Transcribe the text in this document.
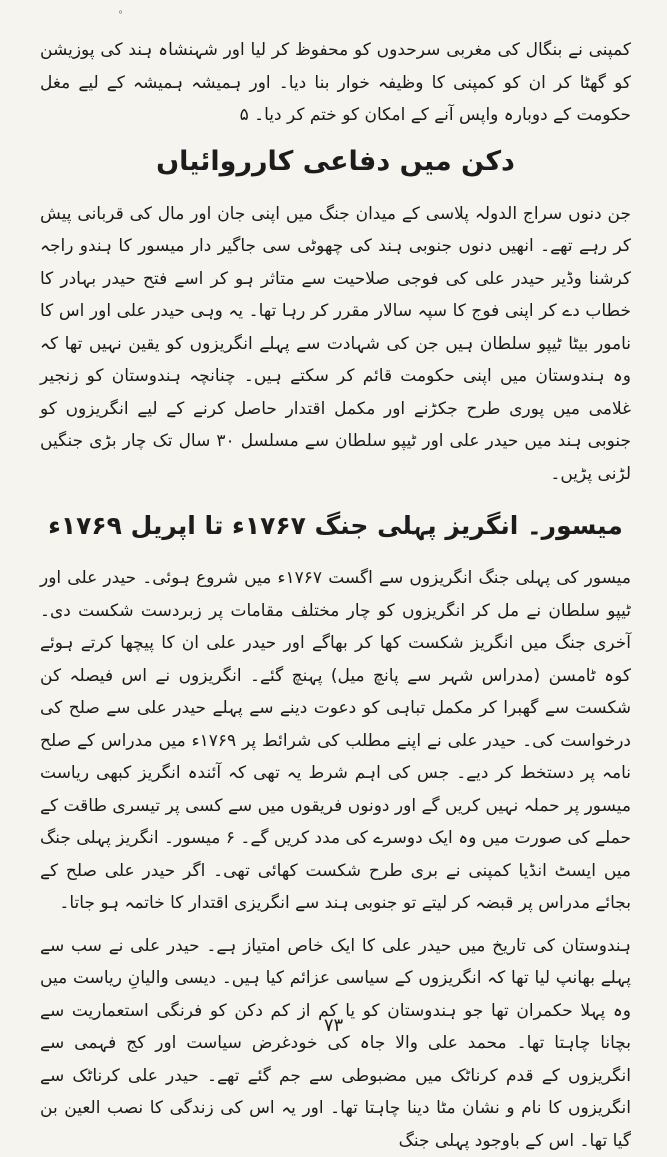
°

کمپنی نے بنگال کی مغربی سرحدوں کو محفوظ کر لیا اور شہنشاہ ہند کی پوزیشن کو گھٹا کر ان کو کمپنی کا وظیفہ خوار بنا دیا۔ اور ہمیشہ ہمیشہ کے لیے مغل حکومت کے دوبارہ واپس آنے کے امکان کو ختم کر دیا۔ ۵

دکن میں دفاعی کارروائیاں

جن دنوں سراج الدولہ پلاسی کے میدان جنگ میں اپنی جان اور مال کی قربانی پیش کر رہے تھے۔ انھیں دنوں جنوبی ہند کی چھوٹی سی جاگیر دار میسور کا ہندو راجہ کرشنا وڈیر حیدر علی کی فوجی صلاحیت سے متاثر ہو کر اسے فتح حیدر بہادر کا خطاب دے کر اپنی فوج کا سپہ سالار مقرر کر رہا تھا۔ یہ وہی حیدر علی اور اس کا نامور بیٹا ٹیپو سلطان ہیں جن کی شہادت سے پہلے انگریزوں کو یقین نہیں تھا کہ وہ ہندوستان میں اپنی حکومت قائم کر سکتے ہیں۔ چنانچہ ہندوستان کو زنجیر غلامی میں پوری طرح جکڑنے اور مکمل اقتدار حاصل کرنے کے لیے انگریزوں کو جنوبی ہند میں حیدر علی اور ٹیپو سلطان سے مسلسل ۳۰ سال تک چار بڑی جنگیں لڑنی پڑیں۔

میسور۔ انگریز پہلی جنگ ۱۷۶۷ء تا اپریل ۱۷۶۹ء

میسور کی پہلی جنگ انگریزوں سے اگست ۱۷۶۷ء میں شروع ہوئی۔ حیدر علی اور ٹیپو سلطان نے مل کر انگریزوں کو چار مختلف مقامات پر زبردست شکست دی۔ آخری جنگ میں انگریز شکست کھا کر بھاگے اور حیدر علی ان کا پیچھا کرتے ہوئے کوہ ٹامسن (مدراس شہر سے پانچ میل) پہنچ گئے۔ انگریزوں نے اس فیصلہ کن شکست سے گھبرا کر مکمل تباہی کو دعوت دینے سے پہلے حیدر علی سے صلح کی درخواست کی۔ حیدر علی نے اپنے مطلب کی شرائط پر ۱۷۶۹ء میں مدراس کے صلح نامہ پر دستخط کر دیے۔ جس کی اہم شرط یہ تھی کہ آئندہ انگریز کبھی ریاست میسور پر حملہ نہیں کریں گے اور دونوں فریقوں میں سے کسی پر تیسری طاقت کے حملے کی صورت میں وہ ایک دوسرے کی مدد کریں گے۔ ۶ میسور۔ انگریز پہلی جنگ میں ایسٹ انڈیا کمپنی نے بری طرح شکست کھائی تھی۔ اگر حیدر علی صلح کے بجائے مدراس پر قبضہ کر لیتے تو جنوبی ہند سے انگریزی اقتدار کا خاتمہ ہو جاتا۔

ہندوستان کی تاریخ میں حیدر علی کا ایک خاص امتیاز ہے۔ حیدر علی نے سب سے پہلے بھانپ لیا تھا کہ انگریزوں کے سیاسی عزائم کیا ہیں۔ دیسی والیانِ ریاست میں وہ پہلا حکمران تھا جو ہندوستان کو یا کم از کم دکن کو فرنگی استعماریت سے بچانا چاہتا تھا۔ محمد علی والا جاہ کی خودغرض سیاست اور کج فہمی سے انگریزوں کے قدم کرناٹک میں مضبوطی سے جم گئے تھے۔ حیدر علی کرناٹک سے انگریزوں کا نام و نشان مٹا دینا چاہتا تھا۔ اور یہ اس کی زندگی کا نصب العین بن گیا تھا۔ اس کے باوجود پہلی جنگ

۷۳
